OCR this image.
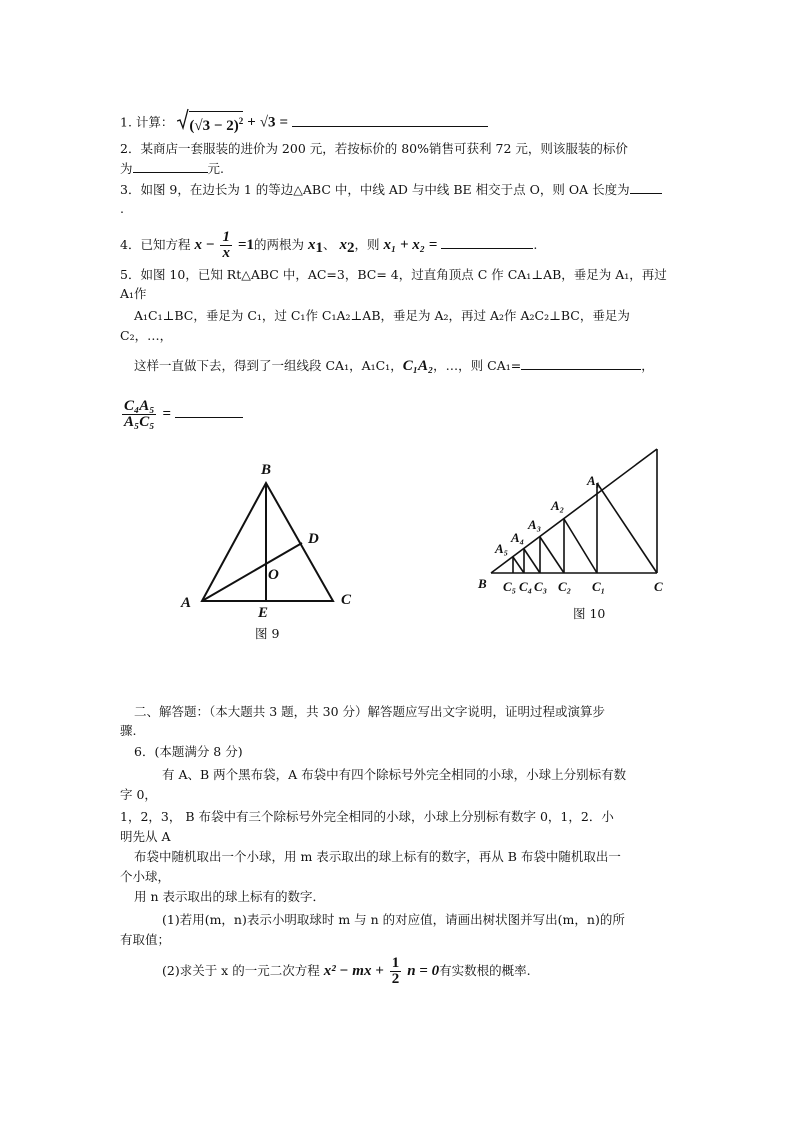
1. 计算： $(√3 - 2)^2 + √3$ =
2．某商店一套服装的进价为 200 元，若按标价的 80%销售可获利 72 元，则该服装的标价
为	元.
3．如图 9，在边长为 1 的等边△ABC 中，中线 AD 与中线 BE 相交于点 O，则 OA 长度为
.
4．已知方程 $x - \frac{1}{x} =1$的两根为 $x_1$、 $x_2$，则 x₁ + x₂ =	.
5．如图 10，已知 Rt△ABC 中，AC=3，BC= 4，过直角顶点 C 作 CA₁⊥AB，垂足为 A₁，再过
A₁作
A₁C₁⊥BC，垂足为 C₁，过 C₁作 C₁A₂⊥AB，垂足为 A₂，再过 A₂作 A₂C₂⊥BC，垂足为
C₂，…，
这样一直做下去，得到了一组线段 CA₁，A₁C₁，C₁A₂，…，则 CA₁=	，
$\frac{\text{C₄A₅}}{\text{A₅C₅}}$ =
B
A	C
D
E
O
图 9
B	C
A₁
A₂
A₃
A₄
A₅
C₁
C₂
C₃
C₄
C₅
图 10
二、解答题：（本大题共 3 题，共 30 分）解答题应写出文字说明，证明过程或演算步
骤.
6．(本题满分 8 分)
有 A、B 两个黑布袋，A 布袋中有四个除标号外完全相同的小球，小球上分别标有数
字 0，
1，2，3， B 布袋中有三个除标号外完全相同的小球，小球上分别标有数字 0，1，2．小
明先从 A
布袋中随机取出一个小球，用 m 表示取出的球上标有的数字，再从 B 布袋中随机取出一
个小球，
用 n 表示取出的球上标有的数字．
(1)若用(m，n)表示小明取球时 m 与 n 的对应值，请画出树状图并写出(m，n)的所
有取值；
(2)求关于 x 的一元二次方程 x² − mx + $\frac{1}{2}$ n = 0有实数根的概率.
